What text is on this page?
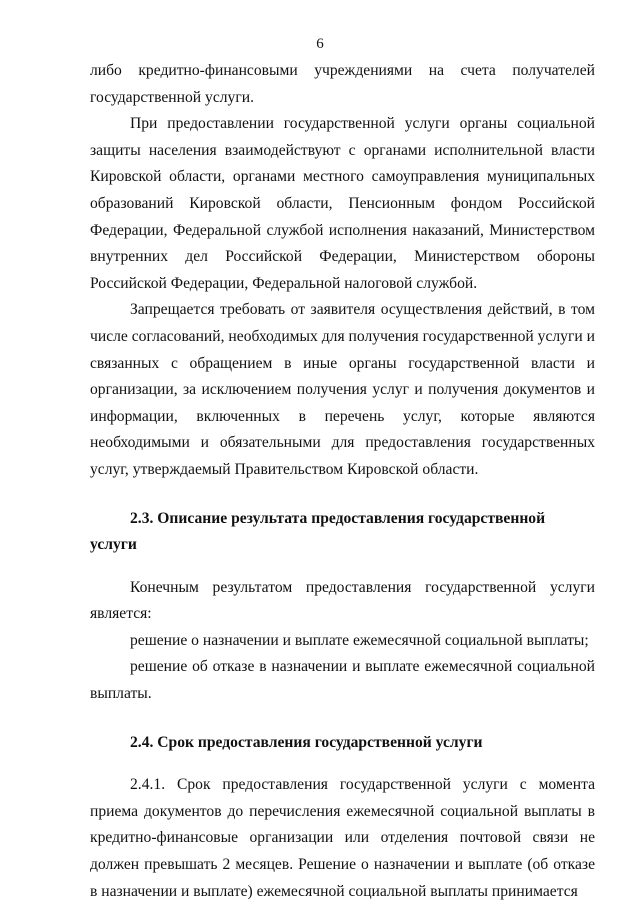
6

либо кредитно-финансовыми учреждениями на счета получателей государственной услуги.

При предоставлении государственной услуги органы социальной защиты населения взаимодействуют с органами исполнительной власти Кировской области, органами местного самоуправления муниципальных образований Кировской области, Пенсионным фондом Российской Федерации, Федеральной службой исполнения наказаний, Министерством внутренних дел Российской Федерации, Министерством обороны Российской Федерации, Федеральной налоговой службой.

Запрещается требовать от заявителя осуществления действий, в том числе согласований, необходимых для получения государственной услуги и связанных с обращением в иные органы государственной власти и организации, за исключением получения услуг и получения документов и информации, включенных в перечень услуг, которые являются необходимыми и обязательными для предоставления государственных услуг, утверждаемый Правительством Кировской области.

2.3. Описание результата предоставления государственной услуги

Конечным результатом предоставления государственной услуги является:

решение о назначении и выплате ежемесячной социальной выплаты;

решение об отказе в назначении и выплате ежемесячной социальной выплаты.

2.4. Срок предоставления государственной услуги

2.4.1. Срок предоставления государственной услуги с момента приема документов до перечисления ежемесячной социальной выплаты в кредитно-финансовые организации или отделения почтовой связи не должен превышать 2 месяцев. Решение о назначении и выплате (об отказе в назначении и выплате) ежемесячной социальной выплаты принимается
